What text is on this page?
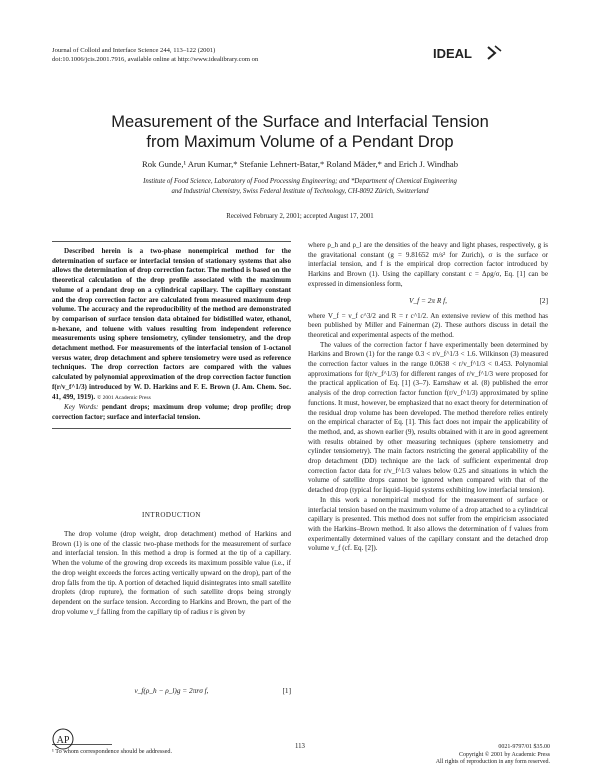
Journal of Colloid and Interface Science 244, 113–122 (2001)
doi:10.1006/jcis.2001.7916, available online at http://www.idealibrary.com on	IDEAL
Measurement of the Surface and Interfacial Tension
from Maximum Volume of a Pendant Drop
Rok Gunde,¹ Arun Kumar,* Stefanie Lehnert-Batar,* Roland Mäder,* and Erich J. Windhab
Institute of Food Science, Laboratory of Food Processing Engineering; and *Department of Chemical Engineering
and Industrial Chemistry, Swiss Federal Institute of Technology, CH-8092 Zürich, Switzerland
Received February 2, 2001; accepted August 17, 2001

Described herein is a two-phase nonempirical method for the determination of surface or interfacial tension of stationary systems that also allows the determination of drop correction factor. The method is based on the theoretical calculation of the drop profile associated with the maximum volume of a pendant drop on a cylindrical capillary. The capillary constant and the drop correction factor are calculated from measured maximum drop volume. The accuracy and the reproducibility of the method are demonstrated by comparison of surface tension data obtained for bidistilled water, ethanol, n-hexane, and toluene with values resulting from independent reference measurements using sphere tensiometry, cylinder tensiometry, and the drop detachment method. For measurements of the interfacial tension of 1-octanol versus water, drop detachment and sphere tensiometry were used as reference techniques. The drop correction factors are compared with the values calculated by polynomial approximation of the drop correction factor function f(r/v_f^1/3) introduced by W. D. Harkins and F. E. Brown (J. Am. Chem. Soc. 41, 499, 1919). © 2001 Academic Press

Key Words: pendant drops; maximum drop volume; drop profile; drop correction factor; surface and interfacial tension.

INTRODUCTION

The drop volume (drop weight, drop detachment) method of Harkins and Brown (1) is one of the classic two-phase methods for the measurement of surface and interfacial tension. In this method a drop is formed at the tip of a capillary. When the volume of the growing drop exceeds its maximum possible value (i.e., if the drop weight exceeds the forces acting vertically upward on the drop), part of the drop falls from the tip. A portion of detached liquid disintegrates into small satellite droplets (drop rupture), the formation of such satellite drops being strongly dependent on the surface tension. According to Harkins and Brown, the part of the drop volume v_f falling from the capillary tip of radius r is given by

v_f(ρ_h − ρ_l)g = 2πrσ f,	[1]
¹ To whom correspondence should be addressed.

where ρ_h and ρ_l are the densities of the heavy and light phases, respectively, g is the gravitational constant (g = 9.81652 m/s² for Zurich), σ is the surface or interfacial tension, and f is the empirical drop correction factor introduced by Harkins and Brown (1). Using the capillary constant c = Δρg/σ, Eq. [1] can be expressed in dimensionless form,

V_f = 2π R f,	[2]

where V_f = v_f c^3/2 and R = r c^1/2. An extensive review of this method has been published by Miller and Fainerman (2). These authors discuss in detail the theoretical and experimental aspects of the method.

The values of the correction factor f have experimentally been determined by Harkins and Brown (1) for the range 0.3 < r/v_f^1/3 < 1.6. Wilkinson (3) measured the correction factor values in the range 0.0638 < r/v_f^1/3 < 0.453. Polynomial approximations for f(r/v_f^1/3) for different ranges of r/v_f^1/3 were proposed for the practical application of Eq. [1] (3–7). Earnshaw et al. (8) published the error analysis of the drop correction factor function f(r/v_f^1/3) approximated by spline functions. It must, however, be emphasized that no exact theory for determination of the residual drop volume has been developed. The method therefore relies entirely on the empirical character of Eq. [1]. This fact does not impair the applicability of the method, and, as shown earlier (9), results obtained with it are in good agreement with results obtained by other measuring techniques (sphere tensiometry and cylinder tensiometry). The main factors restricting the general applicability of the drop detachment (DD) technique are the lack of sufficient experimental drop correction factor data for r/v_f^1/3 values below 0.25 and situations in which the volume of satellite drops cannot be ignored when compared with that of the detached drop (typical for liquid–liquid systems exhibiting low interfacial tension).

In this work a nonempirical method for the measurement of surface or interfacial tension based on the maximum volume of a drop attached to a cylindrical capillary is presented. This method does not suffer from the empiricism associated with the Harkins–Brown method. It also allows the determination of f values from experimentally determined values of the capillary constant and the detached drop volume v_f (cf. Eq. [2]).

AP
113	0021-9797/01 $35.00
Copyright © 2001 by Academic Press
All rights of reproduction in any form reserved.
